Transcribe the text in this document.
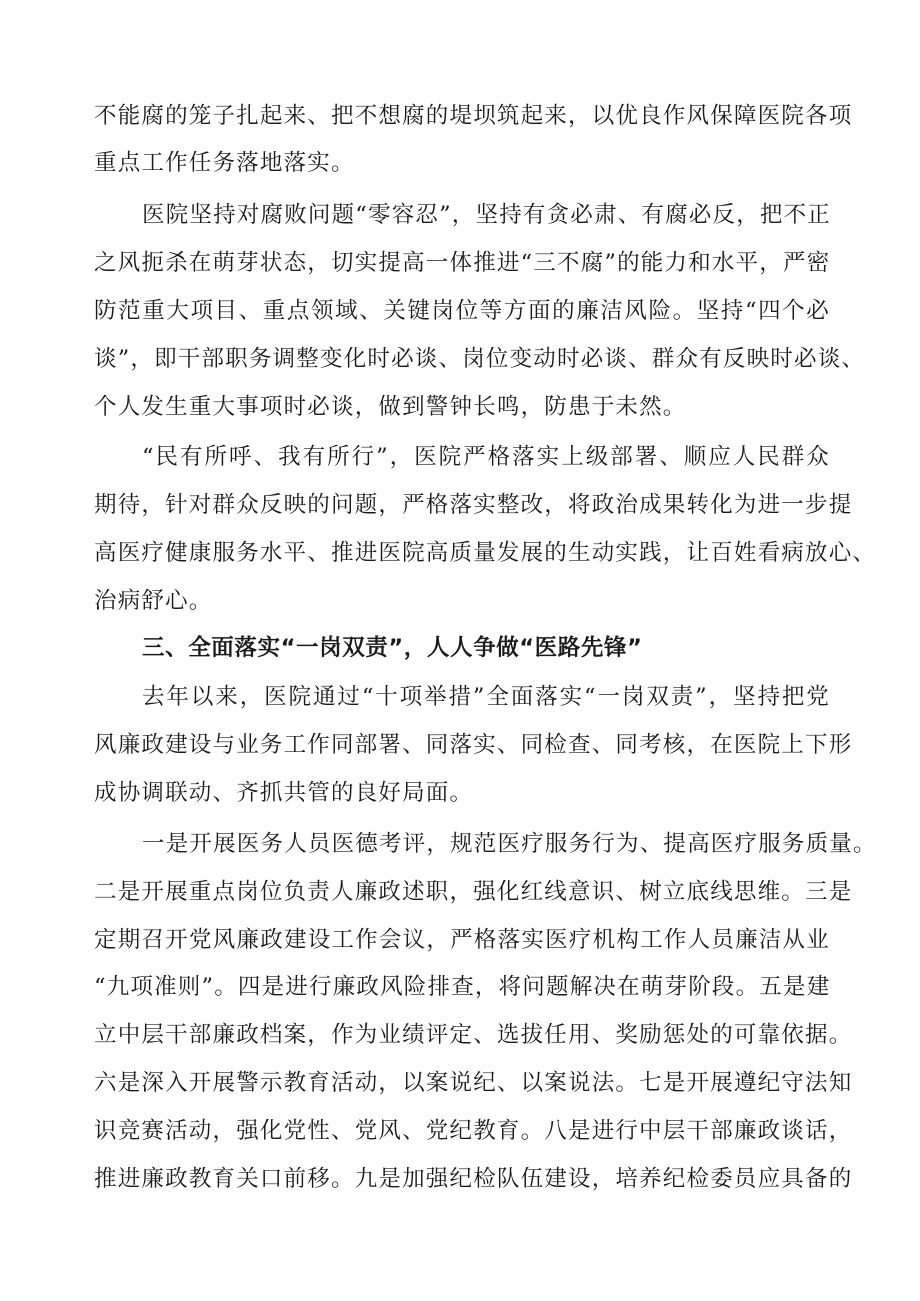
不能腐的笼子扎起来、把不想腐的堤坝筑起来，以优良作风保障医院各项
重点工作任务落地落实。
医院坚持对腐败问题“零容忍”，坚持有贪必肃、有腐必反，把不正
之风扼杀在萌芽状态，切实提高一体推进“三不腐”的能力和水平，严密
防范重大项目、重点领域、关键岗位等方面的廉洁风险。坚持“四个必
谈”，即干部职务调整变化时必谈、岗位变动时必谈、群众有反映时必谈、
个人发生重大事项时必谈，做到警钟长鸣，防患于未然。
“民有所呼、我有所行”，医院严格落实上级部署、顺应人民群众
期待，针对群众反映的问题，严格落实整改，将政治成果转化为进一步提
高医疗健康服务水平、推进医院高质量发展的生动实践，让百姓看病放心、
治病舒心。
三、全面落实“一岗双责”，人人争做“医路先锋”
去年以来，医院通过“十项举措”全面落实“一岗双责”，坚持把党
风廉政建设与业务工作同部署、同落实、同检查、同考核，在医院上下形
成协调联动、齐抓共管的良好局面。
一是开展医务人员医德考评，规范医疗服务行为、提高医疗服务质量。
二是开展重点岗位负责人廉政述职，强化红线意识、树立底线思维。三是
定期召开党风廉政建设工作会议，严格落实医疗机构工作人员廉洁从业
“九项准则”。四是进行廉政风险排查，将问题解决在萌芽阶段。五是建
立中层干部廉政档案，作为业绩评定、选拔任用、奖励惩处的可靠依据。
六是深入开展警示教育活动，以案说纪、以案说法。七是开展遵纪守法知
识竞赛活动，强化党性、党风、党纪教育。八是进行中层干部廉政谈话，
推进廉政教育关口前移。九是加强纪检队伍建设，培养纪检委员应具备的
